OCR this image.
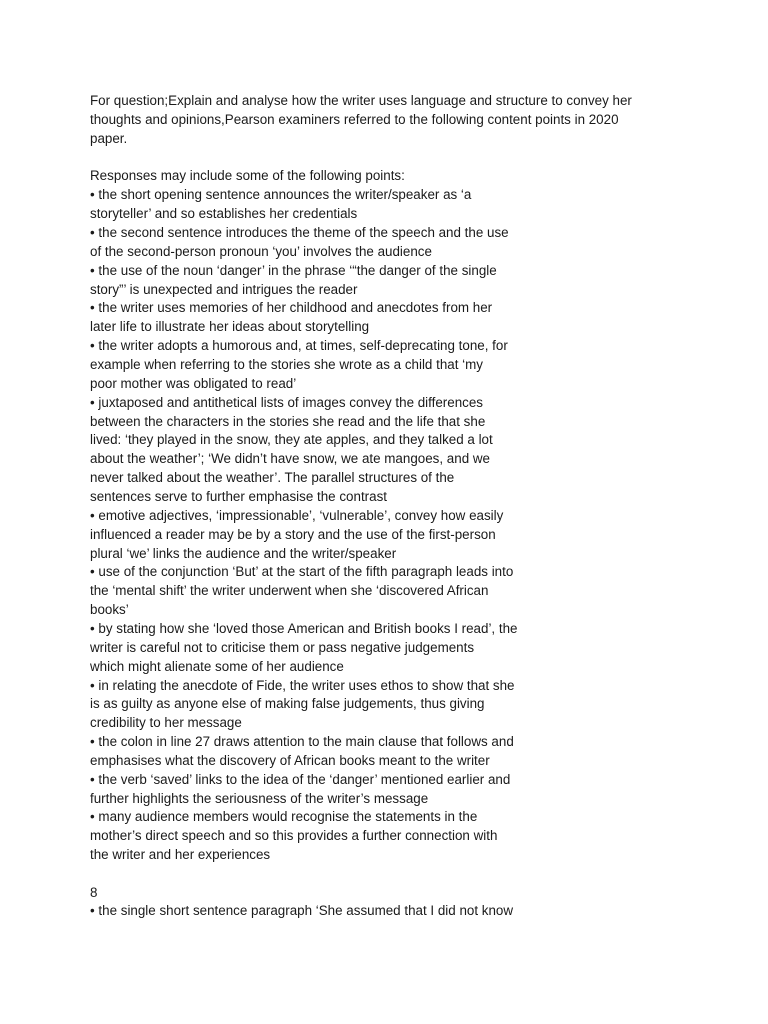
For question;Explain and analyse how the writer uses language and structure to convey her

thoughts and opinions,Pearson examiners referred to the following content points in 2020

paper.

Responses may include some of the following points:

• the short opening sentence announces the writer/speaker as ‘a

storyteller’ and so establishes her credentials

• the second sentence introduces the theme of the speech and the use

of the second-person pronoun ‘you’ involves the audience

• the use of the noun ‘danger’ in the phrase ‘“the danger of the single

story”’ is unexpected and intrigues the reader

• the writer uses memories of her childhood and anecdotes from her

later life to illustrate her ideas about storytelling

• the writer adopts a humorous and, at times, self-deprecating tone, for

example when referring to the stories she wrote as a child that ‘my

poor mother was obligated to read’

• juxtaposed and antithetical lists of images convey the differences

between the characters in the stories she read and the life that she

lived: ‘they played in the snow, they ate apples, and they talked a lot

about the weather’; ‘We didn’t have snow, we ate mangoes, and we

never talked about the weather’. The parallel structures of the

sentences serve to further emphasise the contrast

• emotive adjectives, ‘impressionable’, ‘vulnerable’, convey how easily

influenced a reader may be by a story and the use of the first-person

plural ‘we’ links the audience and the writer/speaker

• use of the conjunction ‘But’ at the start of the fifth paragraph leads into

the ‘mental shift’ the writer underwent when she ‘discovered African

books’

• by stating how she ‘loved those American and British books I read’, the

writer is careful not to criticise them or pass negative judgements

which might alienate some of her audience

• in relating the anecdote of Fide, the writer uses ethos to show that she

is as guilty as anyone else of making false judgements, thus giving

credibility to her message

• the colon in line 27 draws attention to the main clause that follows and

emphasises what the discovery of African books meant to the writer

• the verb ‘saved’ links to the idea of the ‘danger’ mentioned earlier and

further highlights the seriousness of the writer’s message

• many audience members would recognise the statements in the

mother’s direct speech and so this provides a further connection with

the writer and her experiences

8

• the single short sentence paragraph ‘She assumed that I did not know
